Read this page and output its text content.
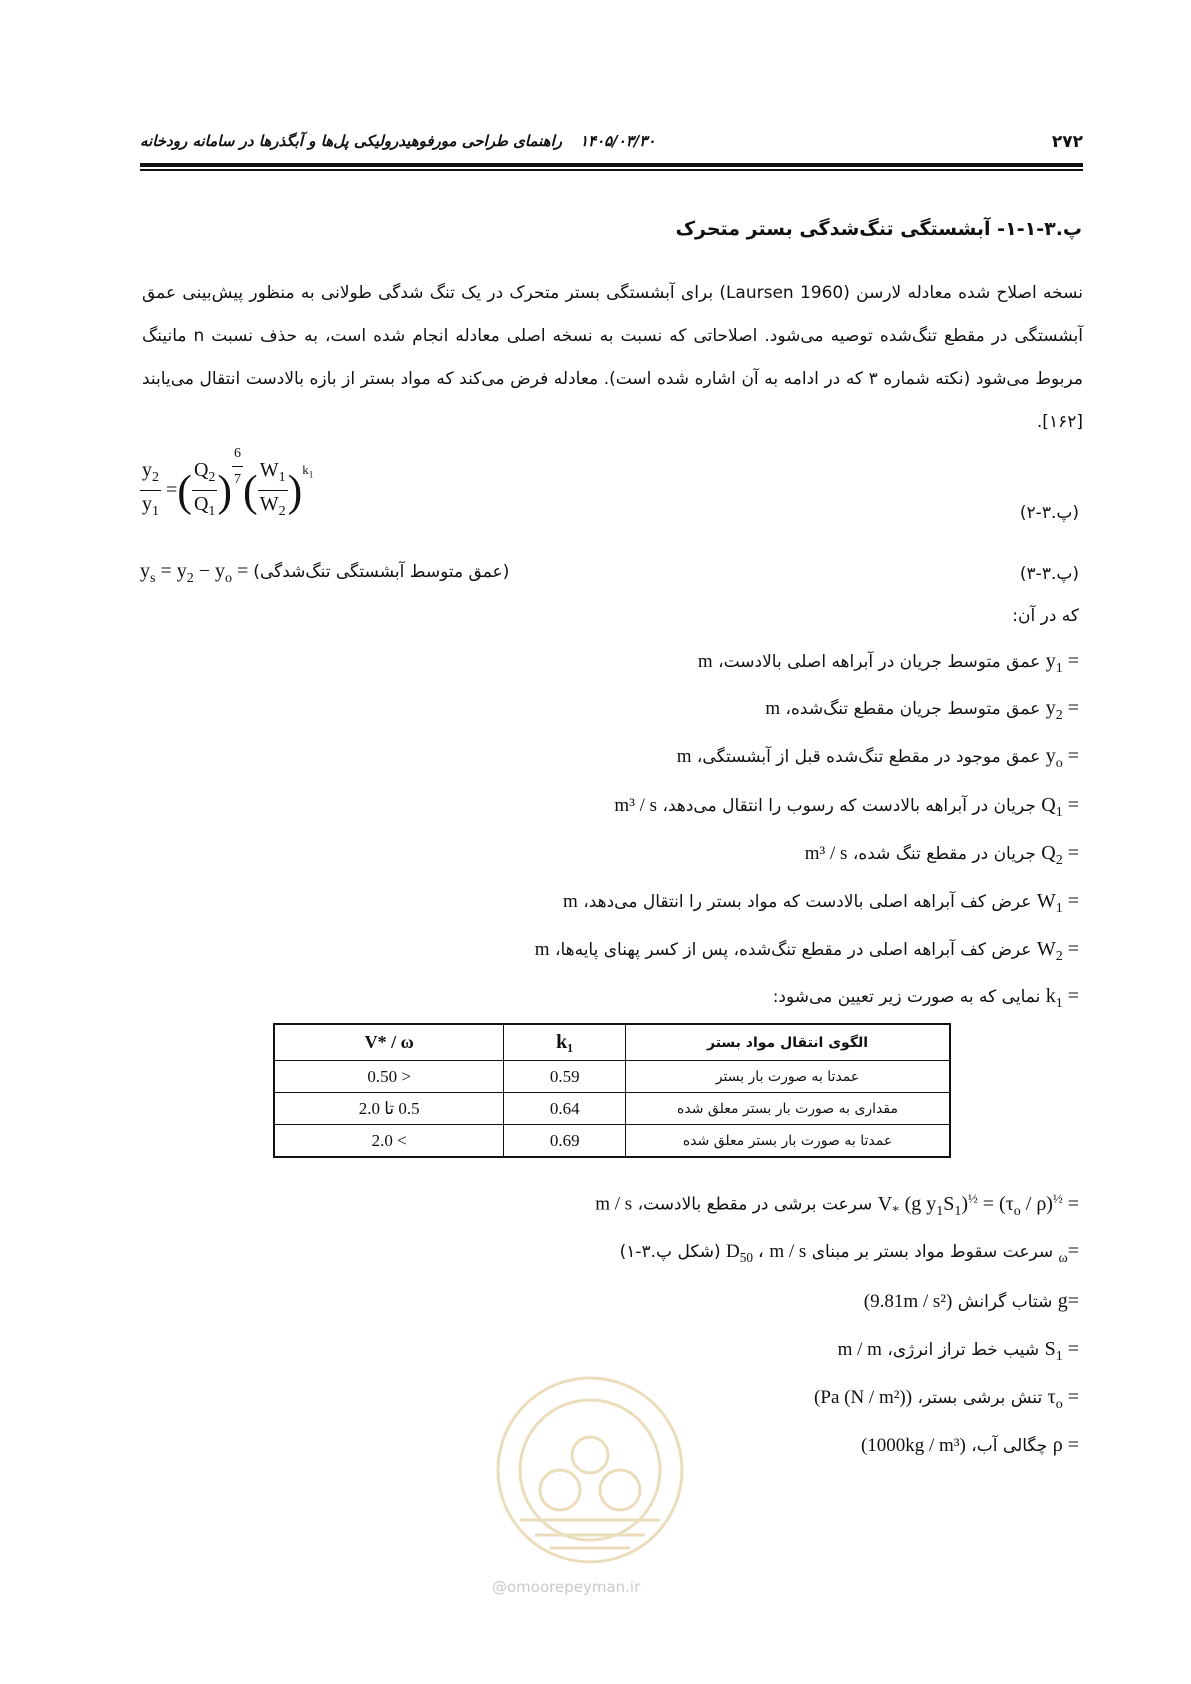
۲۷۲
راهنمای طراحی مورفوهیدرولیکی پل‌ها و آبگذرها در سامانه رودخانه ۱۴۰۵/۰۳/۳۰
پ.۳-۱-۱- آبشستگی تنگ‌شدگی بستر متحرک
نسخه اصلاح شده معادله لارسن (Laursen 1960) برای آبشستگی بستر متحرک در یک تنگ شدگی طولانی به منظور پیش‌بینی عمق آبشستگی در مقطع تنگ‌شده توصیه می‌شود. اصلاحاتی که نسبت به نسخه اصلی معادله انجام شده است، به حذف نسبت n مانینگ مربوط می‌شود (نکته شماره ۳ که در ادامه به آن اشاره شده است). معادله فرض می‌کند که مواد بستر از بازه بالادست انتقال می‌یابند [۱۶۲].
$\frac{y_2}{y_1}$ =( $\frac{Q_2}{Q_1}$ ) $^{\frac{6}{7}}$ ( $\frac{W_1}{W_2} )^{k_1}$
(پ.۳-۲)
$y_s = y_2 - y_o$ = (عمق متوسط آبشستگی تنگ‌شدگی)	(پ.۳-۳)
که در آن:
= $y_1$ عمق متوسط جریان در آبراهه اصلی بالادست، m
= $y_2$ عمق متوسط جریان مقطع تنگ‌شده، m
= $y_o$ عمق موجود در مقطع تنگ‌شده قبل از آبشستگی، m
= $Q_1$ جریان در آبراهه بالادست که رسوب را انتقال می‌دهد، m³ / s
= $Q_2$ جریان در مقطع تنگ شده، m³ / s
= $W_1$ عرض کف آبراهه اصلی بالادست که مواد بستر را انتقال می‌دهد، m
= $W_2$ عرض کف آبراهه اصلی در مقطع تنگ‌شده، پس از کسر پهنای پایه‌ها، m
= $k_1$ نمایی که به صورت زیر تعیین می‌شود:
الگوی انتقال مواد بستر	k₁	V* / ω
عمدتا به صورت بار بستر	0.59	< 0.50
مقداری به صورت بار بستر معلق شده	0.64	0.5 تا 2.0
عمدتا به صورت بار بستر معلق شده	0.69	> 2.0
= $V_*$ (g $y_1S_1)^{\frac{1}{2}} = (\tau_o / \rho)^{\frac{1}{2}}$ سرعت برشی در مقطع بالادست، m / s
$=_\omega$ سرعت سقوط مواد بستر بر مبنای $D_{50}$ ، m / s (شکل پ.۳-۱)
=g شتاب گرانش (9.81m / s²)
= $S_1$ شیب خط تراز انرژی، m / m
= $\tau_o$ تنش برشی بستر، (Pa (N / m²))
= ρ چگالی آب، (1000kg / m³)
@omoorepeyman.ir
